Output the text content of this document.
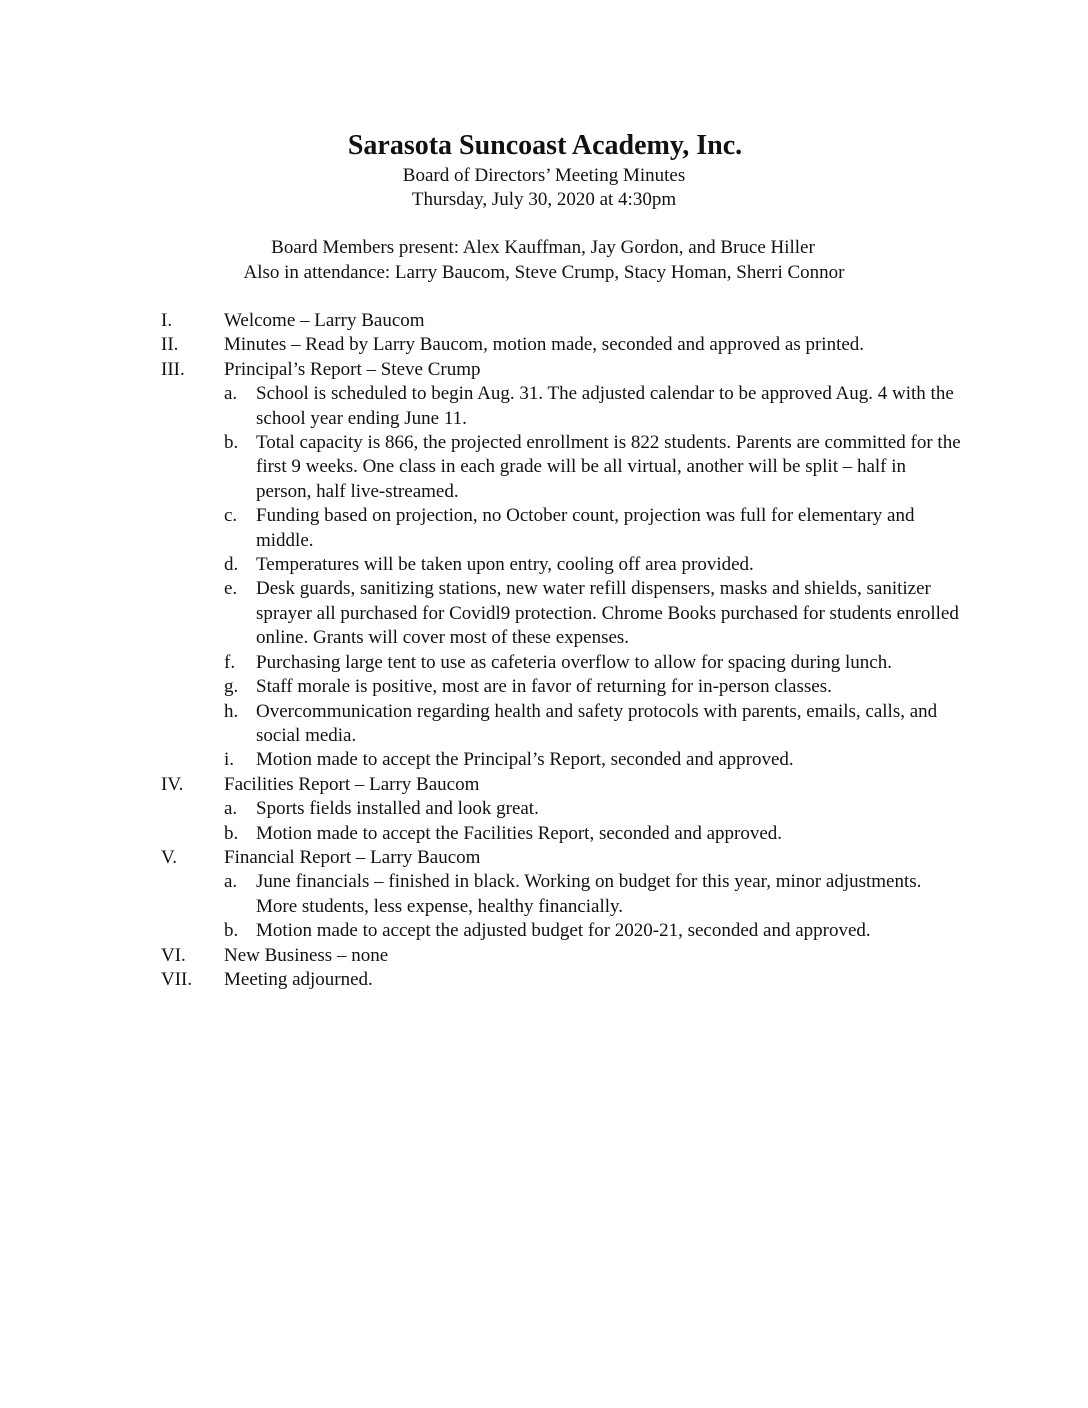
Sarasota Suncoast Academy, Inc.
Board of Directors’ Meeting Minutes
Thursday, July 30, 2020 at 4:30pm
Board Members present: Alex Kauffman, Jay Gordon, and Bruce Hiller
Also in attendance: Larry Baucom, Steve Crump, Stacy Homan, Sherri Connor
I.	Welcome – Larry Baucom
II. Minutes – Read by Larry Baucom, motion made, seconded and approved as printed.
III. Principal’s Report – Steve Crump
a. School is scheduled to begin Aug. 31. The adjusted calendar to be approved Aug. 4 with the school year ending June 11.
b. Total capacity is 866, the projected enrollment is 822 students. Parents are committed for the first 9 weeks. One class in each grade will be all virtual, another will be split – half in person, half live-streamed.
c. Funding based on projection, no October count, projection was full for elementary and middle.
d. Temperatures will be taken upon entry, cooling off area provided.
e. Desk guards, sanitizing stations, new water refill dispensers, masks and shields, sanitizer sprayer all purchased for Covidl9 protection. Chrome Books purchased for students enrolled online. Grants will cover most of these expenses.
f. Purchasing large tent to use as cafeteria overflow to allow for spacing during lunch.
g. Staff morale is positive, most are in favor of returning for in-person classes.
h. Overcommunication regarding health and safety protocols with parents, emails, calls, and social media.
i. Motion made to accept the Principal’s Report, seconded and approved.
IV. Facilities Report – Larry Baucom
a. Sports fields installed and look great.
b. Motion made to accept the Facilities Report, seconded and approved.
V. Financial Report – Larry Baucom
a. June financials – finished in black. Working on budget for this year, minor adjustments. More students, less expense, healthy financially.
b. Motion made to accept the adjusted budget for 2020-21, seconded and approved.
VI. New Business – none
VII. Meeting adjourned.
